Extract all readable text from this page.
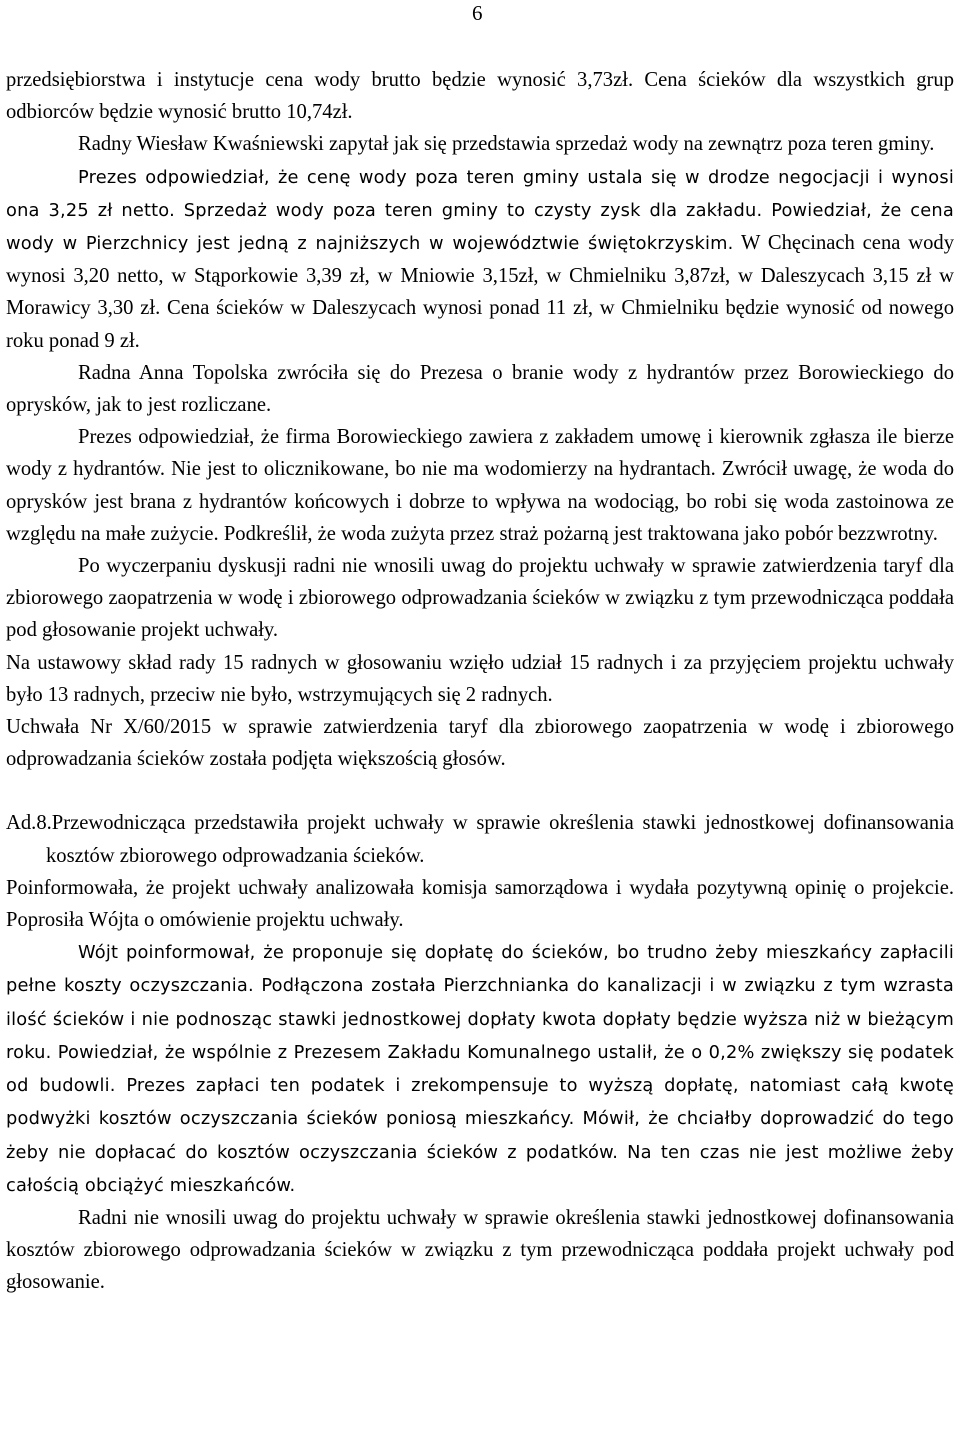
6

przedsiębiorstwa i instytucje cena wody brutto będzie wynosić 3,73zł. Cena ścieków dla wszystkich grup odbiorców będzie wynosić brutto 10,74zł.

Radny Wiesław Kwaśniewski zapytał jak się przedstawia sprzedaż wody na zewnątrz poza teren gminy.

Prezes odpowiedział, że cenę wody poza teren gminy ustala się w drodze negocjacji i wynosi ona 3,25 zł netto. Sprzedaż wody poza teren gminy to czysty zysk dla zakładu. Powiedział, że cena wody w Pierzchnicy jest jedną z najniższych w województwie świętokrzyskim. W Chęcinach cena wody wynosi 3,20 netto, w Stąporkowie 3,39 zł, w Mniowie 3,15zł, w Chmielniku 3,87zł, w Daleszycach 3,15 zł w Morawicy 3,30 zł. Cena ścieków w Daleszycach wynosi ponad 11 zł, w Chmielniku będzie wynosić od nowego roku ponad 9 zł.

Radna Anna Topolska zwróciła się do Prezesa o branie wody z hydrantów przez Borowieckiego do oprysków, jak to jest rozliczane.

Prezes odpowiedział, że firma Borowieckiego zawiera z zakładem umowę i kierownik zgłasza ile bierze wody z hydrantów. Nie jest to olicznikowane, bo nie ma wodomierzy na hydrantach. Zwrócił uwagę, że woda do oprysków jest brana z hydrantów końcowych i dobrze to wpływa na wodociąg, bo robi się woda zastoinowa ze względu na małe zużycie. Podkreślił, że woda zużyta przez straż pożarną jest traktowana jako pobór bezzwrotny.

Po wyczerpaniu dyskusji radni nie wnosili uwag do projektu uchwały w sprawie zatwierdzenia taryf dla zbiorowego zaopatrzenia w wodę i zbiorowego odprowadzania ścieków w związku z tym przewodnicząca poddała pod głosowanie projekt uchwały.

Na ustawowy skład rady 15 radnych w głosowaniu wzięło udział 15 radnych i za przyjęciem projektu uchwały było 13 radnych, przeciw nie było, wstrzymujących się 2 radnych.

Uchwała Nr X/60/2015 w sprawie zatwierdzenia taryf dla zbiorowego zaopatrzenia w wodę i zbiorowego odprowadzania ścieków została podjęta większością głosów.

Ad.8.Przewodnicząca przedstawiła projekt uchwały w sprawie określenia stawki jednostkowej dofinansowania kosztów zbiorowego odprowadzania ścieków.

Poinformowała, że projekt uchwały analizowała komisja samorządowa i wydała pozytywną opinię o projekcie. Poprosiła Wójta o omówienie projektu uchwały.

Wójt poinformował, że proponuje się dopłatę do ścieków, bo trudno żeby mieszkańcy zapłacili pełne koszty oczyszczania. Podłączona została Pierzchnianka do kanalizacji i w związku z tym wzrasta ilość ścieków i nie podnosząc stawki jednostkowej dopłaty kwota dopłaty będzie wyższa niż w bieżącym roku. Powiedział, że wspólnie z Prezesem Zakładu Komunalnego ustalił, że o 0,2% zwiększy się podatek od budowli. Prezes zapłaci ten podatek i zrekompensuje to wyższą dopłatę, natomiast całą kwotę podwyżki kosztów oczyszczania ścieków poniosą mieszkańcy. Mówił, że chciałby doprowadzić do tego żeby nie dopłacać do kosztów oczyszczania ścieków z podatków. Na ten czas nie jest możliwe żeby całością obciążyć mieszkańców.

Radni nie wnosili uwag do projektu uchwały w sprawie określenia stawki jednostkowej dofinansowania kosztów zbiorowego odprowadzania ścieków w związku z tym przewodnicząca poddała projekt uchwały pod głosowanie.
